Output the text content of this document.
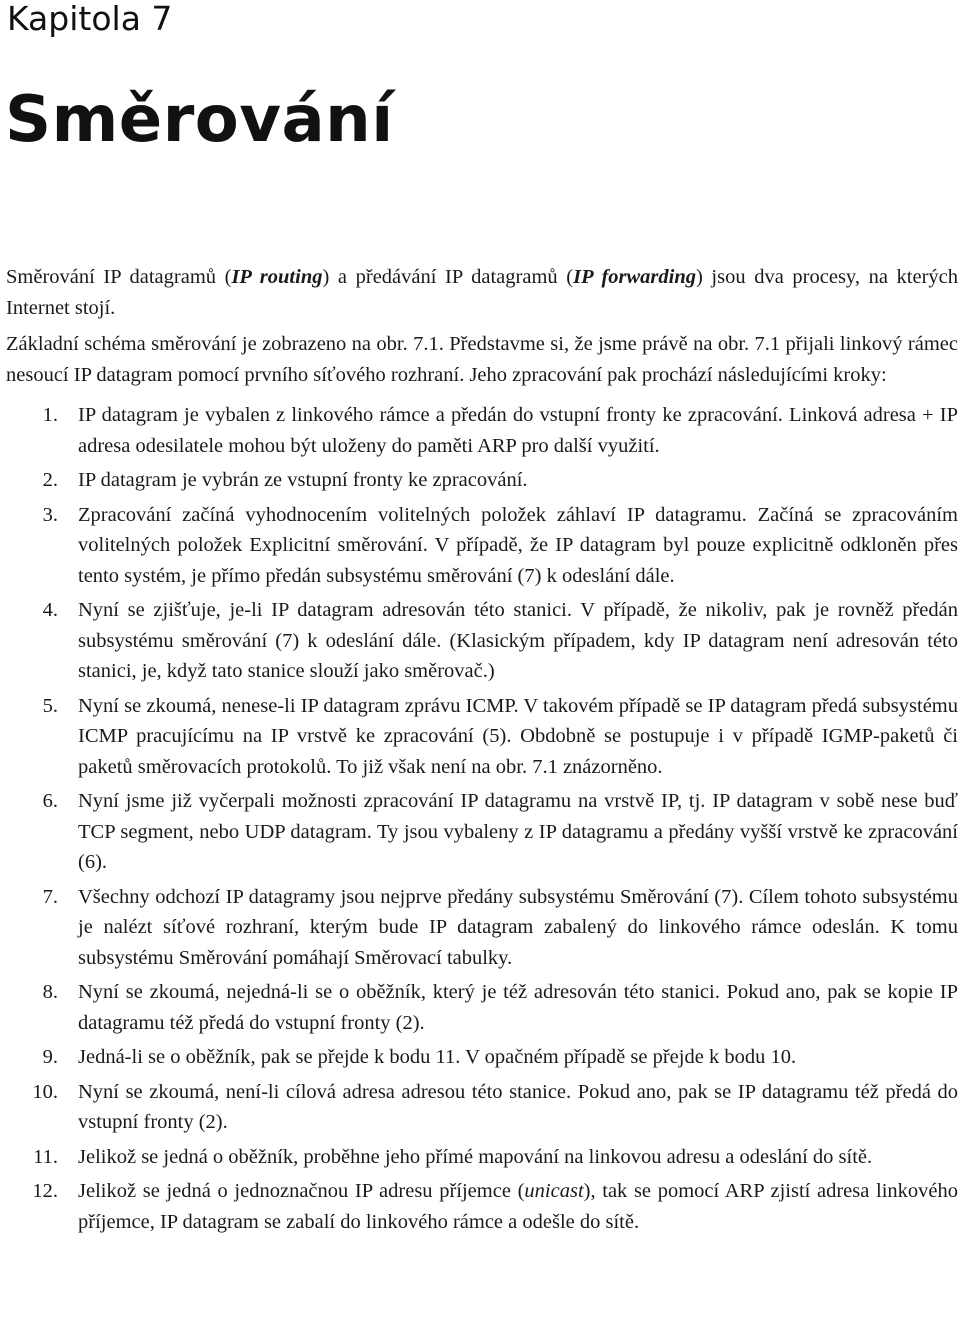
Kapitola 7
Směrování

Směrování IP datagramů (IP routing) a předávání IP datagramů (IP forwarding) jsou dva procesy, na kterých Internet stojí.

Základní schéma směrování je zobrazeno na obr. 7.1. Představme si, že jsme právě na obr. 7.1 přijali linkový rámec nesoucí IP datagram pomocí prvního síťového rozhraní. Jeho zpracování pak prochází následujícími kroky:

1. IP datagram je vybalen z linkového rámce a předán do vstupní fronty ke zpracování. Linková adresa + IP adresa odesilatele mohou být uloženy do paměti ARP pro další využití.
2. IP datagram je vybrán ze vstupní fronty ke zpracování.
3. Zpracování začíná vyhodnocením volitelných položek záhlaví IP datagramu. Začíná se zpracováním volitelných položek Explicitní směrování. V případě, že IP datagram byl pouze explicitně odkloněn přes tento systém, je přímo předán subsystému směrování (7) k odeslání dále.
4. Nyní se zjišťuje, je-li IP datagram adresován této stanici. V případě, že nikoliv, pak je rovněž předán subsystému směrování (7) k odeslání dále. (Klasickým případem, kdy IP datagram není adresován této stanici, je, když tato stanice slouží jako směrovač.)
5. Nyní se zkoumá, nenese-li IP datagram zprávu ICMP. V takovém případě se IP datagram předá subsystému ICMP pracujícímu na IP vrstvě ke zpracování (5). Obdobně se postupuje i v případě IGMP-paketů či paketů směrovacích protokolů. To již však není na obr. 7.1 znázorněno.
6. Nyní jsme již vyčerpali možnosti zpracování IP datagramu na vrstvě IP, tj. IP datagram v sobě nese buď TCP segment, nebo UDP datagram. Ty jsou vybaleny z IP datagramu a předány vyšší vrstvě ke zpracování (6).
7. Všechny odchozí IP datagramy jsou nejprve předány subsystému Směrování (7). Cílem tohoto subsystému je nalézt síťové rozhraní, kterým bude IP datagram zabalený do linkového rámce odeslán. K tomu subsystému Směrování pomáhají Směrovací tabulky.
8. Nyní se zkoumá, nejedná-li se o oběžník, který je též adresován této stanici. Pokud ano, pak se kopie IP datagramu též předá do vstupní fronty (2).
9. Jedná-li se o oběžník, pak se přejde k bodu 11. V opačném případě se přejde k bodu 10.
10. Nyní se zkoumá, není-li cílová adresa adresou této stanice. Pokud ano, pak se IP datagramu též předá do vstupní fronty (2).
11. Jelikož se jedná o oběžník, proběhne jeho přímé mapování na linkovou adresu a odeslání do sítě.
12. Jelikož se jedná o jednoznačnou IP adresu příjemce (unicast), tak se pomocí ARP zjistí adresa linkového příjemce, IP datagram se zabalí do linkového rámce a odešle do sítě.
